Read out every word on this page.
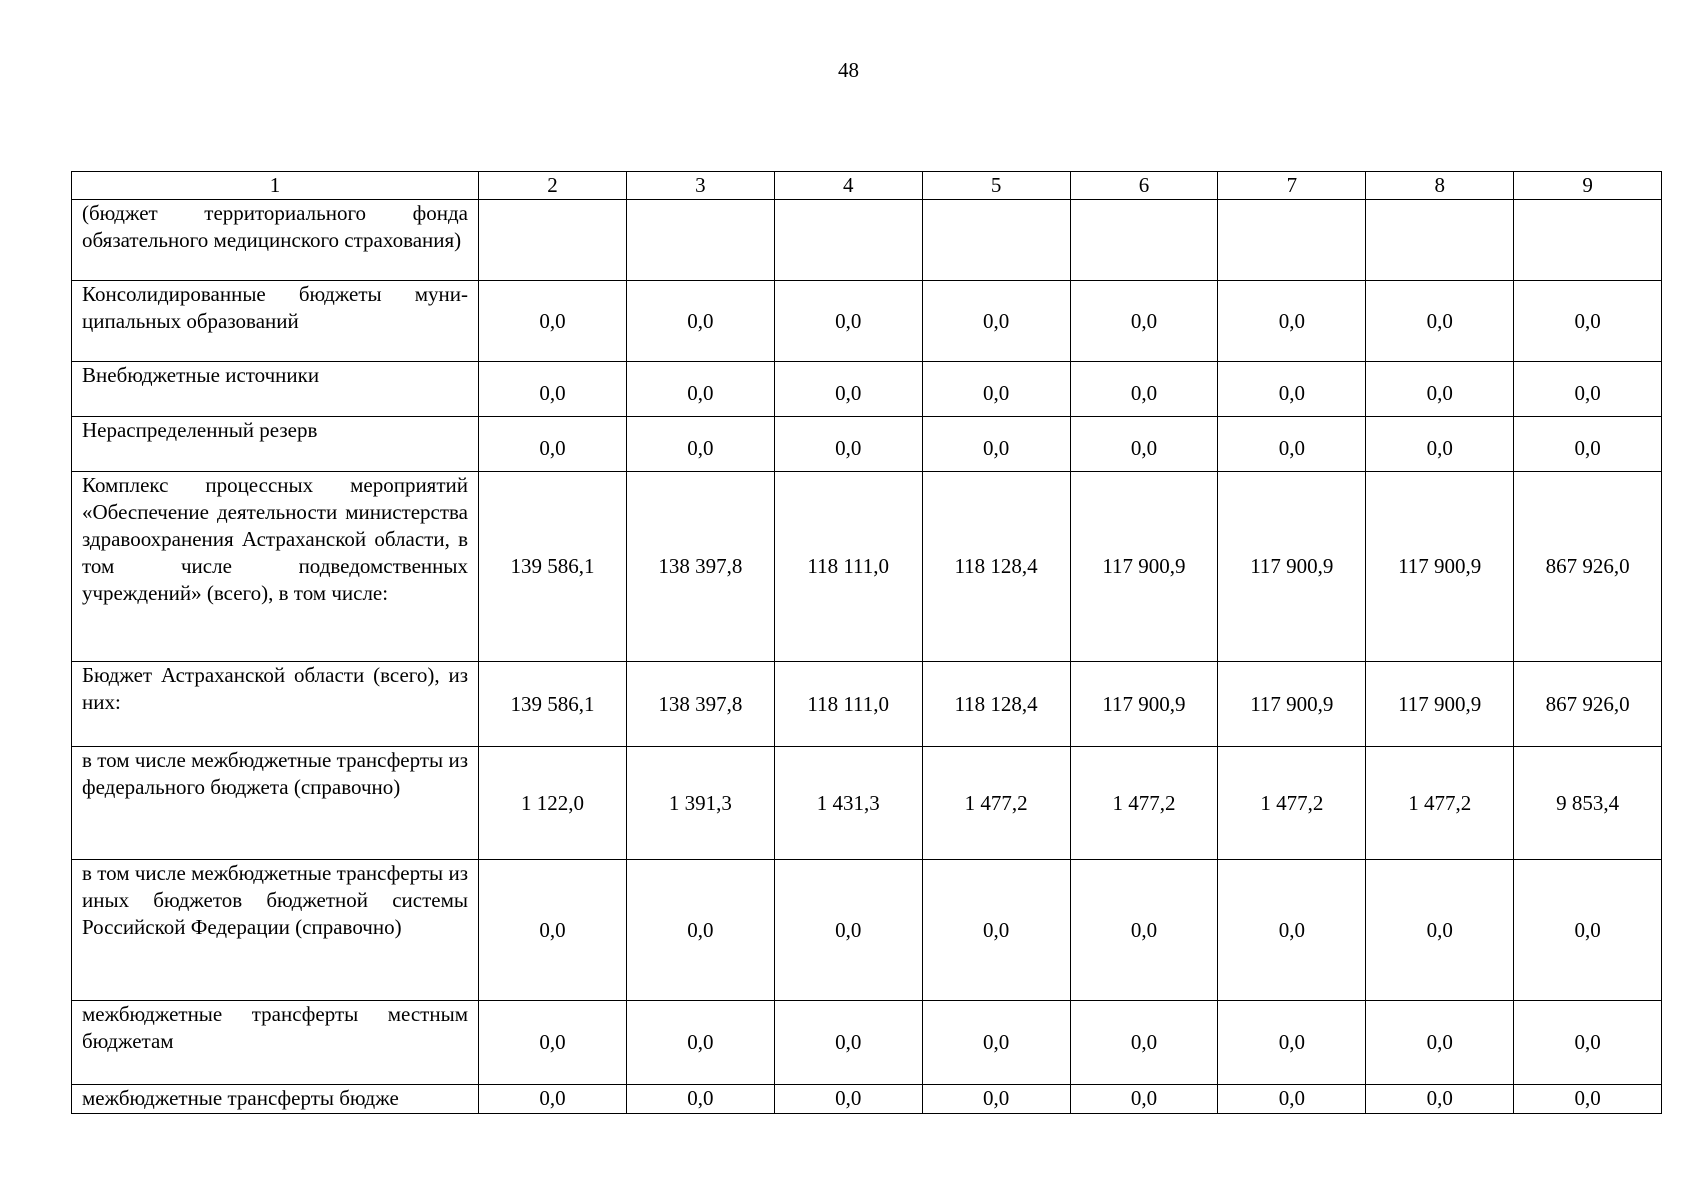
48
1	2	3	4	5	6	7	8	9
(бюджет территориального фонда обязательного медицинского страхования)								
Консолидированные бюджеты муниципальных образований	0,0	0,0	0,0	0,0	0,0	0,0	0,0	0,0
Внебюджетные источники	0,0	0,0	0,0	0,0	0,0	0,0	0,0	0,0
Нераспределенный резерв	0,0	0,0	0,0	0,0	0,0	0,0	0,0	0,0
Комплекс процессных мероприятий «Обеспечение деятельности министерства здравоохранения Астраханской области, в том числе подведомственных учреждений» (всего), в том числе:	139 586,1	138 397,8	118 111,0	118 128,4	117 900,9	117 900,9	117 900,9	867 926,0
Бюджет Астраханской области (всего), из них:	139 586,1	138 397,8	118 111,0	118 128,4	117 900,9	117 900,9	117 900,9	867 926,0
в том числе межбюджетные трансферты из федерального бюджета (справочно)	1 122,0	1 391,3	1 431,3	1 477,2	1 477,2	1 477,2	1 477,2	9 853,4
в том числе межбюджетные трансферты из иных бюджетов бюджетной системы Российской Федерации (справочно)	0,0	0,0	0,0	0,0	0,0	0,0	0,0	0,0
межбюджетные трансферты местным бюджетам	0,0	0,0	0,0	0,0	0,0	0,0	0,0	0,0
межбюджетные трансферты бюдже	0,0	0,0	0,0	0,0	0,0	0,0	0,0	0,0
